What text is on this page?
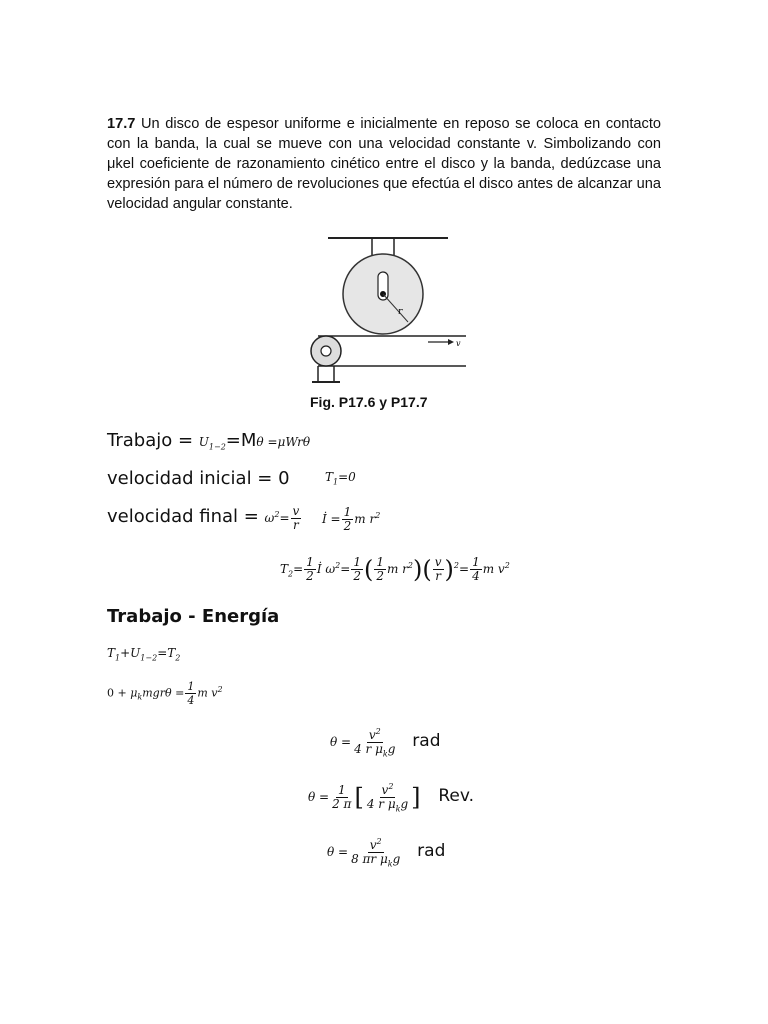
17.7 Un disco de espesor uniforme e inicialmente en reposo se coloca en contacto con la banda, la cual se mueve con una velocidad constante v. Simbolizando con μkel coeficiente de razonamiento cinético entre el disco y la banda, dedúzcase una expresión para el número de revoluciones que efectúa el disco antes de alcanzar una velocidad angular constante.
r
v
Fig. P17.6 y P17.7
Trabajo = $U_{1-2}=M\theta =\mu Wr\theta$
velocidad inicial = 0	$T_1=0$
velocidad final = $\omega^2= \frac{v}{r}$ İ = $\frac{1}{2}$ m $r^2$
$T_2= \frac{1}{2}$ İ $\omega^2= \frac{1}{2}$ ( $\frac{1}{2}$ m $r^2)( \frac{v}{r} )^2= \frac{1}{4}$ m $v^2$
Trabajo - Energía
$T_1+U_{1-2}=T_2$
$0 + \mu_kmgr\theta = \frac{1}{4}$ m $v^2$
$\theta = \frac{v^2}{4 r \mu_kg}$ rad
$\theta = \frac{1}{2 \pi}$ [ $\frac{v^2}{4 r \mu_kg}$ ] Rev.
$\theta = \frac{v^2}{8 \pi r \mu_kg}$ rad
